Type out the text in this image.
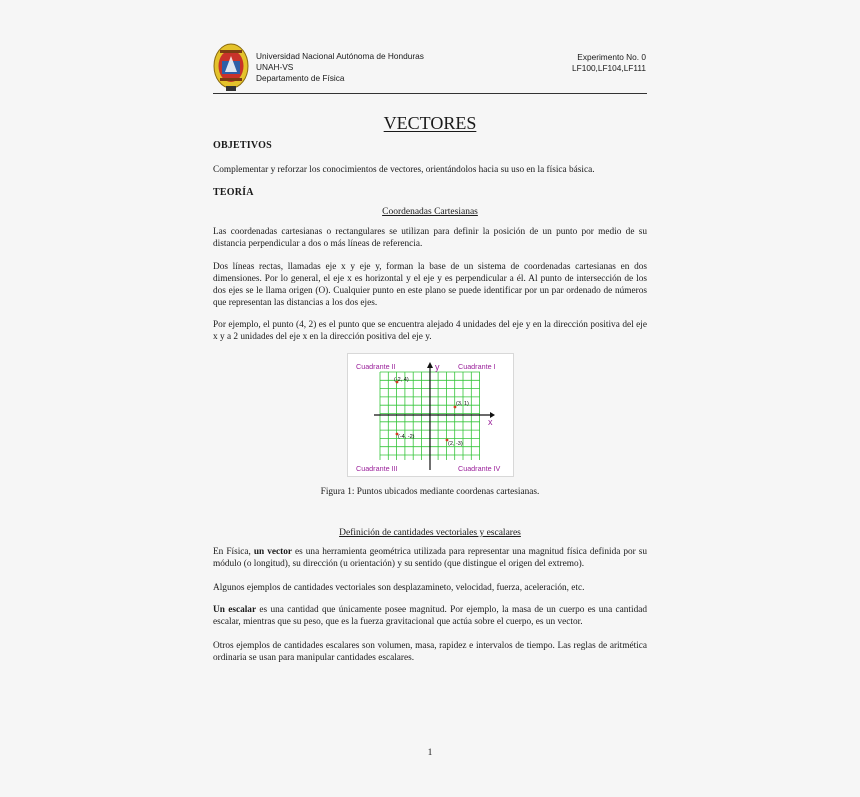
Universidad Nacional Autónoma de Honduras
UNAH-VS
Departamento de Física
Experimento No. 0
LF100,LF104,LF111
VECTORES
OBJETIVOS

Complementar y reforzar los conocimientos de vectores, orientándolos hacia su uso en la física básica.

TEORÍA
Coordenadas Cartesianas

Las coordenadas cartesianas o rectangulares se utilizan para definir la posición de un punto por medio de su distancia perpendicular a dos o más líneas de referencia.

Dos líneas rectas, llamadas eje x y eje y, forman la base de un sistema de coordenadas cartesianas en dos dimensiones. Por lo general, el eje x es horizontal y el eje y es perpendicular a él. Al punto de intersección de los dos ejes se le llama origen (O). Cualquier punto en este plano se puede identificar por un par ordenado de números que representan las distancias a los dos ejes.

Por ejemplo, el punto (4, 2) es el punto que se encuentra alejado 4 unidades del eje y en la dirección positiva del eje x y a 2 unidades del eje x en la dirección positiva del eje y.

Cuadrante II	Cuadrante I
Cuadrante III	Cuadrante IV
y
x
(-2, 4)
(3, 1)
(-4, -2)
(2, -3)
Figura 1: Puntos ubicados mediante coordenas cartesianas.
Definición de cantidades vectoriales y escalares

En Física, un vector es una herramienta geométrica utilizada para representar una magnitud física definida por su módulo (o longitud), su dirección (u orientación) y su sentido (que distingue el origen del extremo).

Algunos ejemplos de cantidades vectoriales son desplazamineto, velocidad, fuerza, aceleración, etc.

Un escalar es una cantidad que únicamente posee magnitud. Por ejemplo, la masa de un cuerpo es una cantidad escalar, mientras que su peso, que es la fuerza gravitacional que actúa sobre el cuerpo, es un vector.

Otros ejemplos de cantidades escalares son volumen, masa, rapidez e intervalos de tiempo. Las reglas de aritmética ordinaria se usan para manipular cantidades escalares.

1
